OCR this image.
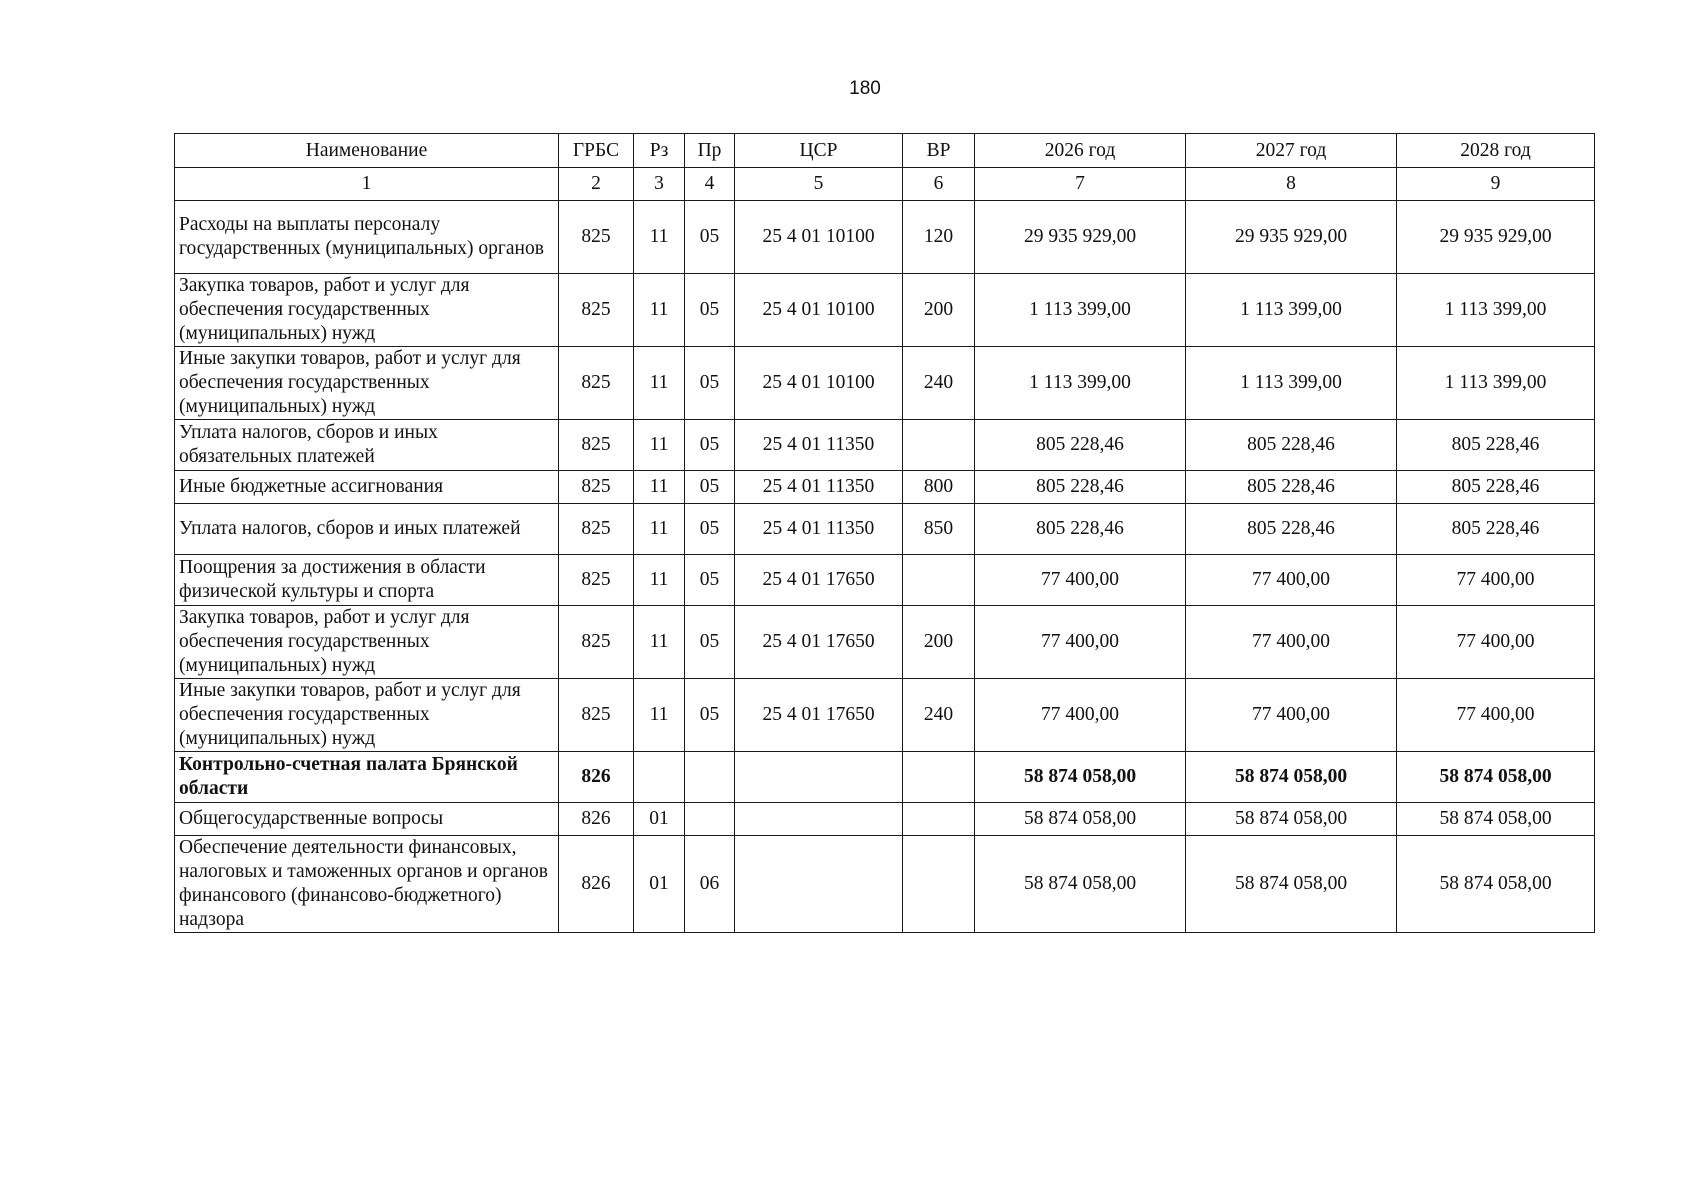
180
Наименование	ГРБС	Рз	Пр	ЦСР	ВР	2026 год	2027 год	2028 год
1	2	3	4	5	6	7	8	9
Расходы на выплаты персоналу государственных (муниципальных) органов	825	11	05	25 4 01 10100	120	29 935 929,00	29 935 929,00	29 935 929,00
Закупка товаров, работ и услуг для обеспечения государственных (муниципальных) нужд	825	11	05	25 4 01 10100	200	1 113 399,00	1 113 399,00	1 113 399,00
Иные закупки товаров, работ и услуг для обеспечения государственных (муниципальных) нужд	825	11	05	25 4 01 10100	240	1 113 399,00	1 113 399,00	1 113 399,00
Уплата налогов, сборов и иных обязательных платежей	825	11	05	25 4 01 11350		805 228,46	805 228,46	805 228,46
Иные бюджетные ассигнования	825	11	05	25 4 01 11350	800	805 228,46	805 228,46	805 228,46
Уплата налогов, сборов и иных платежей	825	11	05	25 4 01 11350	850	805 228,46	805 228,46	805 228,46
Поощрения за достижения в области физической культуры и спорта	825	11	05	25 4 01 17650		77 400,00	77 400,00	77 400,00
Закупка товаров, работ и услуг для обеспечения государственных (муниципальных) нужд	825	11	05	25 4 01 17650	200	77 400,00	77 400,00	77 400,00
Иные закупки товаров, работ и услуг для обеспечения государственных (муниципальных) нужд	825	11	05	25 4 01 17650	240	77 400,00	77 400,00	77 400,00
Контрольно-счетная палата Брянской области	826					58 874 058,00	58 874 058,00	58 874 058,00
Общегосударственные вопросы	826	01				58 874 058,00	58 874 058,00	58 874 058,00
Обеспечение деятельности финансовых, налоговых и таможенных органов и органов финансового (финансово-бюджетного) надзора	826	01	06			58 874 058,00	58 874 058,00	58 874 058,00
